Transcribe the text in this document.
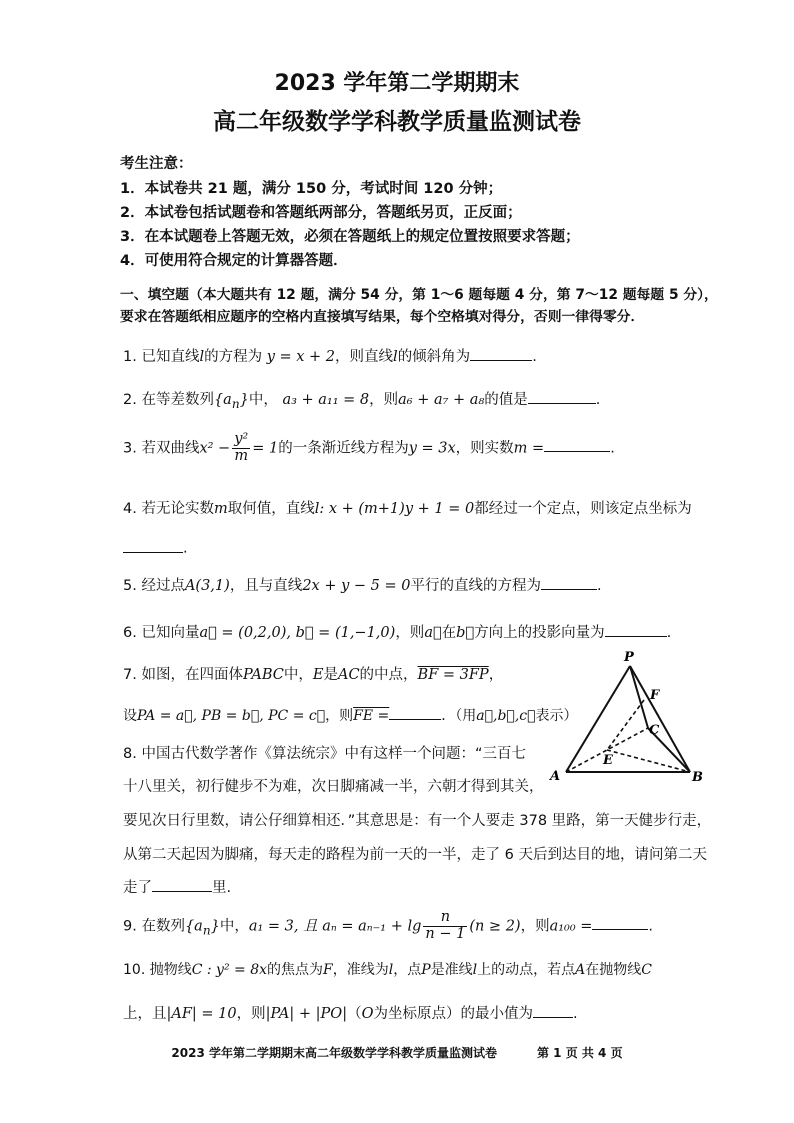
2023 学年第二学期期末
高二年级数学学科教学质量监测试卷
考生注意：
1．本试卷共 21 题，满分 150 分，考试时间 120 分钟；
2．本试卷包括试题卷和答题纸两部分，答题纸另页，正反面；
3．在本试题卷上答题无效，必须在答题纸上的规定位置按照要求答题；
4．可使用符合规定的计算器答题．
一、填空题（本大题共有 12 题，满分 54 分，第 1～6 题每题 4 分，第 7～12 题每题 5 分），
要求在答题纸相应题序的空格内直接填写结果，每个空格填对得分，否则一律得零分．
1. 已知直线l的方程为 y = x + 2，则直线l的倾斜角为	.
2. 在等差数列$\{a_n\}$中， a₃ + a₁₁ = 8，则a₆ + a₇ + a₈的值是	.
3. 若双曲线$x^2 - \frac{\text{y²}}{m} = 1$的一条渐近线方程为y = 3x，则实数m =	.
4. 若无论实数m取何值，直线l: x + (m+1)y + 1 = 0都经过一个定点，则该定点坐标为
.
5. 经过点A(3,1)，且与直线2x + y − 5 = 0平行的直线的方程为	.
6. 已知向量a⃗ = (0,2,0), b⃗ = (1,−1,0)，则a⃗在b⃗方向上的投影向量为	.
7. 如图，在四面体PABC中，E是AC的中点，BF = 3FP，
设PA = a⃗, PB = b⃗, PC = c⃗，则FE =	．（用a⃗,b⃗,c⃗表示）
8. 中国古代数学著作《算法统宗》中有这样一个问题：“三百七
十八里关，初行健步不为难，次日脚痛减一半，六朝才得到其关，
要见次日行里数，请公仔细算相还．”其意思是：有一个人要走 378 里路，第一天健步行走，
从第二天起因为脚痛，每天走的路程为前一天的一半，走了 6 天后到达目的地，请问第二天
走了	里.
9. 在数列$\{a_n\}$中，a₁ = 3, 且 $a_n = a_{n-1} + \lg \frac{n}{n - 1} (n \ge 2)$，则a₁₀₀ =	.
10. 抛物线C : y² = 8x的焦点为F，准线为l，点P是准线l上的动点，若点A在抛物线C
上，且|AF| = 10，则|PA| + |PO|（O为坐标原点）的最小值为	.
P
F
C
E
A	B
2023 学年第二学期期末高二年级数学学科教学质量监测试卷	第 1 页 共 4 页
